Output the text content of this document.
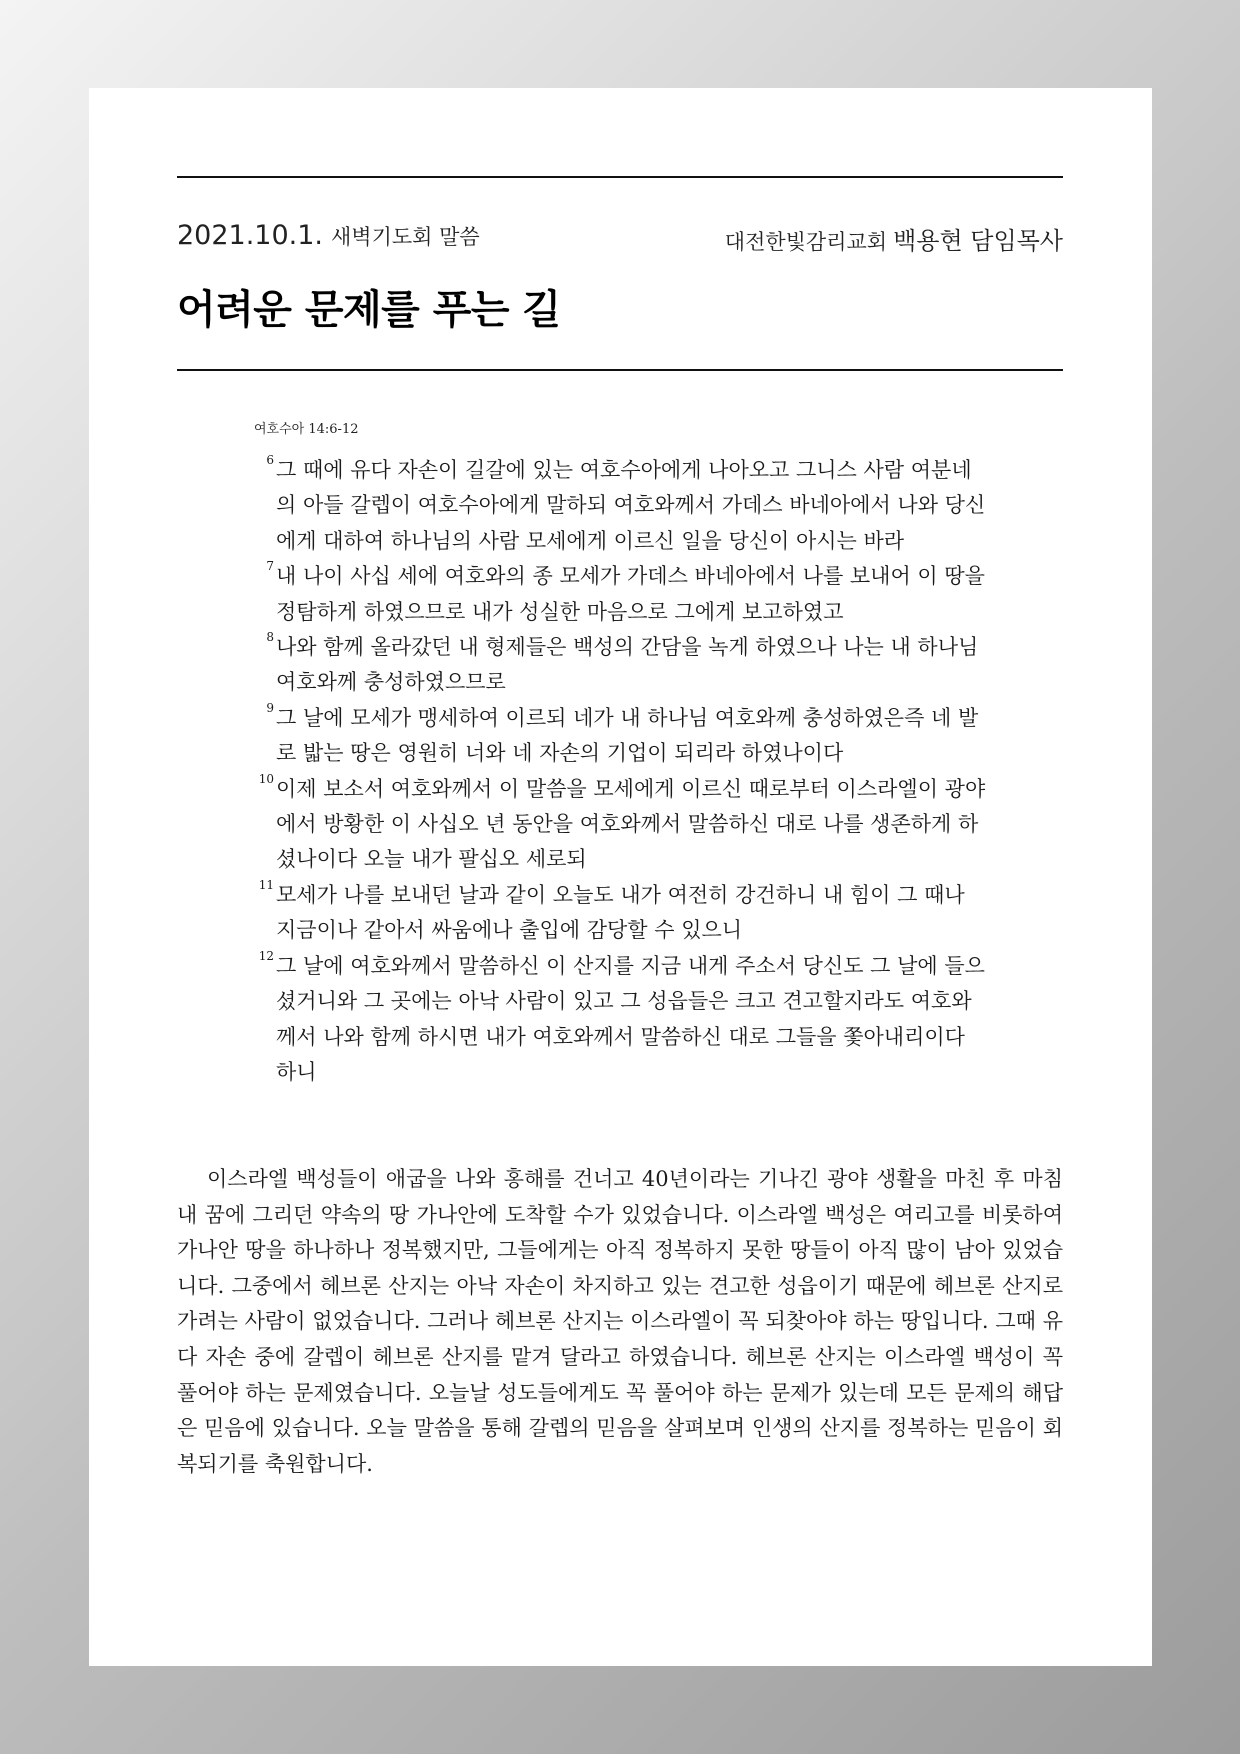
2021.10.1. 새벽기도회 말씀	대전한빛감리교회 백용현 담임목사
어려운 문제를 푸는 길
여호수아 14:6-12
6 그 때에 유다 자손이 길갈에 있는 여호수아에게 나아오고 그니스 사람 여분네의 아들 갈렙이 여호수아에게 말하되 여호와께서 가데스 바네아에서 나와 당신에게 대하여 하나님의 사람 모세에게 이르신 일을 당신이 아시는 바라
7 내 나이 사십 세에 여호와의 종 모세가 가데스 바네아에서 나를 보내어 이 땅을 정탐하게 하였으므로 내가 성실한 마음으로 그에게 보고하였고
8 나와 함께 올라갔던 내 형제들은 백성의 간담을 녹게 하였으나 나는 내 하나님 여호와께 충성하였으므로
9 그 날에 모세가 맹세하여 이르되 네가 내 하나님 여호와께 충성하였은즉 네 발로 밟는 땅은 영원히 너와 네 자손의 기업이 되리라 하였나이다
10 이제 보소서 여호와께서 이 말씀을 모세에게 이르신 때로부터 이스라엘이 광야에서 방황한 이 사십오 년 동안을 여호와께서 말씀하신 대로 나를 생존하게 하셨나이다 오늘 내가 팔십오 세로되
11 모세가 나를 보내던 날과 같이 오늘도 내가 여전히 강건하니 내 힘이 그 때나 지금이나 같아서 싸움에나 출입에 감당할 수 있으니
12 그 날에 여호와께서 말씀하신 이 산지를 지금 내게 주소서 당신도 그 날에 들으셨거니와 그 곳에는 아낙 사람이 있고 그 성읍들은 크고 견고할지라도 여호와께서 나와 함께 하시면 내가 여호와께서 말씀하신 대로 그들을 쫓아내리이다 하니

이스라엘 백성들이 애굽을 나와 홍해를 건너고 40년이라는 기나긴 광야 생활을 마친 후 마침내 꿈에 그리던 약속의 땅 가나안에 도착할 수가 있었습니다. 이스라엘 백성은 여리고를 비롯하여 가나안 땅을 하나하나 정복했지만, 그들에게는 아직 정복하지 못한 땅들이 아직 많이 남아 있었습니다. 그중에서 헤브론 산지는 아낙 자손이 차지하고 있는 견고한 성읍이기 때문에 헤브론 산지로 가려는 사람이 없었습니다. 그러나 헤브론 산지는 이스라엘이 꼭 되찾아야 하는 땅입니다. 그때 유다 자손 중에 갈렙이 헤브론 산지를 맡겨 달라고 하였습니다. 헤브론 산지는 이스라엘 백성이 꼭 풀어야 하는 문제였습니다. 오늘날 성도들에게도 꼭 풀어야 하는 문제가 있는데 모든 문제의 해답은 믿음에 있습니다. 오늘 말씀을 통해 갈렙의 믿음을 살펴보며 인생의 산지를 정복하는 믿음이 회복되기를 축원합니다.
